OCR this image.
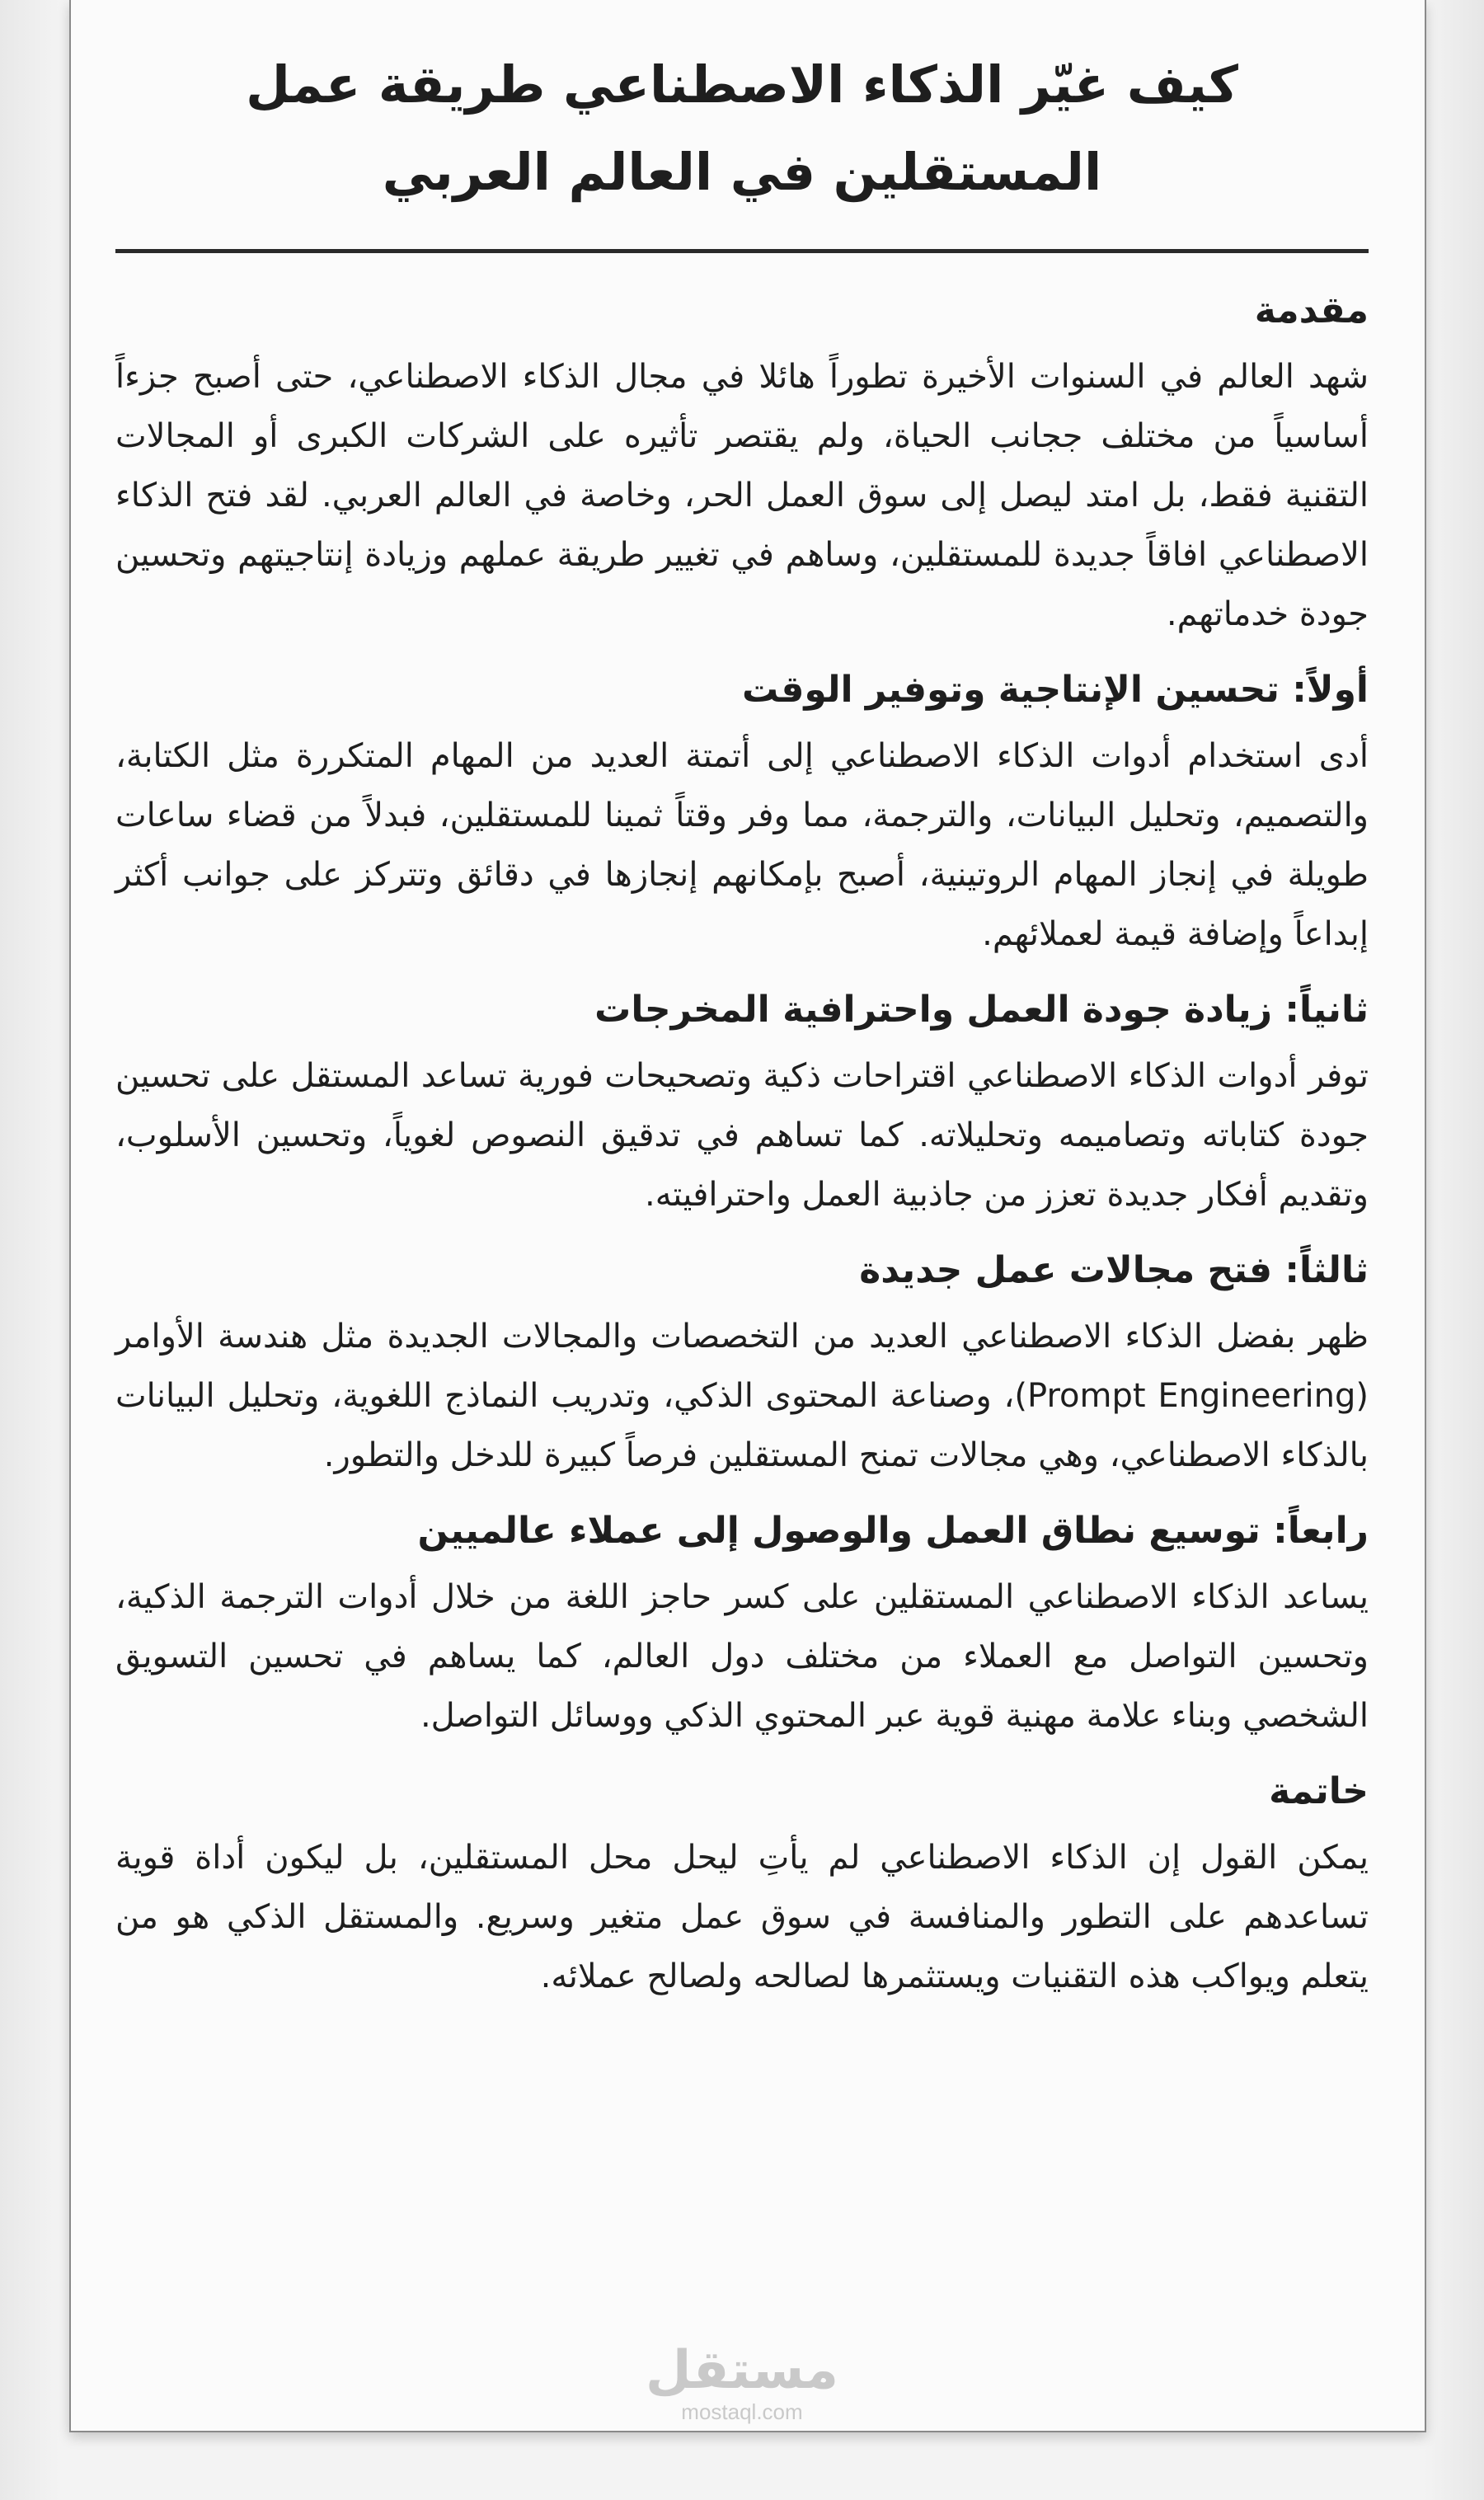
كيف غيّر الذكاء الاصطناعي طريقة عمل المستقلين في العالم العربي
مقدمة

شهد العالم في السنوات الأخيرة تطوراً هائلا في مجال الذكاء الاصطناعي، حتى أصبح جزءاً أساسياً من مختلف ججانب الحياة، ولم يقتصر تأثيره على الشركات الكبرى أو المجالات التقنية فقط، بل امتد ليصل إلى سوق العمل الحر، وخاصة في العالم العربي. لقد فتح الذكاء الاصطناعي افاقاً جديدة للمستقلين، وساهم في تغيير طريقة عملهم وزيادة إنتاجيتهم وتحسين جودة خدماتهم.

أولاً: تحسين الإنتاجية وتوفير الوقت

أدى استخدام أدوات الذكاء الاصطناعي إلى أتمتة العديد من المهام المتكررة مثل الكتابة، والتصميم، وتحليل البيانات، والترجمة، مما وفر وقتاً ثمينا للمستقلين، فبدلاً من قضاء ساعات طويلة في إنجاز المهام الروتينية، أصبح بإمكانهم إنجازها في دقائق وتتركز على جوانب أكثر إبداعاً وإضافة قيمة لعملائهم.

ثانياً: زيادة جودة العمل واحترافية المخرجات

توفر أدوات الذكاء الاصطناعي اقتراحات ذكية وتصحيحات فورية تساعد المستقل على تحسين جودة كتاباته وتصاميمه وتحليلاته. كما تساهم في تدقيق النصوص لغوياً، وتحسين الأسلوب، وتقديم أفكار جديدة تعزز من جاذبية العمل واحترافيته.

ثالثاً: فتح مجالات عمل جديدة

ظهر بفضل الذكاء الاصطناعي العديد من التخصصات والمجالات الجديدة مثل هندسة الأوامر (Prompt Engineering)، وصناعة المحتوى الذكي، وتدريب النماذج اللغوية، وتحليل البيانات بالذكاء الاصطناعي، وهي مجالات تمنح المستقلين فرصاً كبيرة للدخل والتطور.

رابعاً: توسيع نطاق العمل والوصول إلى عملاء عالميين

يساعد الذكاء الاصطناعي المستقلين على كسر حاجز اللغة من خلال أدوات الترجمة الذكية، وتحسين التواصل مع العملاء من مختلف دول العالم، كما يساهم في تحسين التسويق الشخصي وبناء علامة مهنية قوية عبر المحتوي الذكي ووسائل التواصل.

خاتمة

يمكن القول إن الذكاء الاصطناعي لم يأتِ ليحل محل المستقلين، بل ليكون أداة قوية تساعدهم على التطور والمنافسة في سوق عمل متغير وسريع. والمستقل الذكي هو من يتعلم ويواكب هذه التقنيات ويستثمرها لصالحه ولصالح عملائه.

مستقل
mostaql.com
